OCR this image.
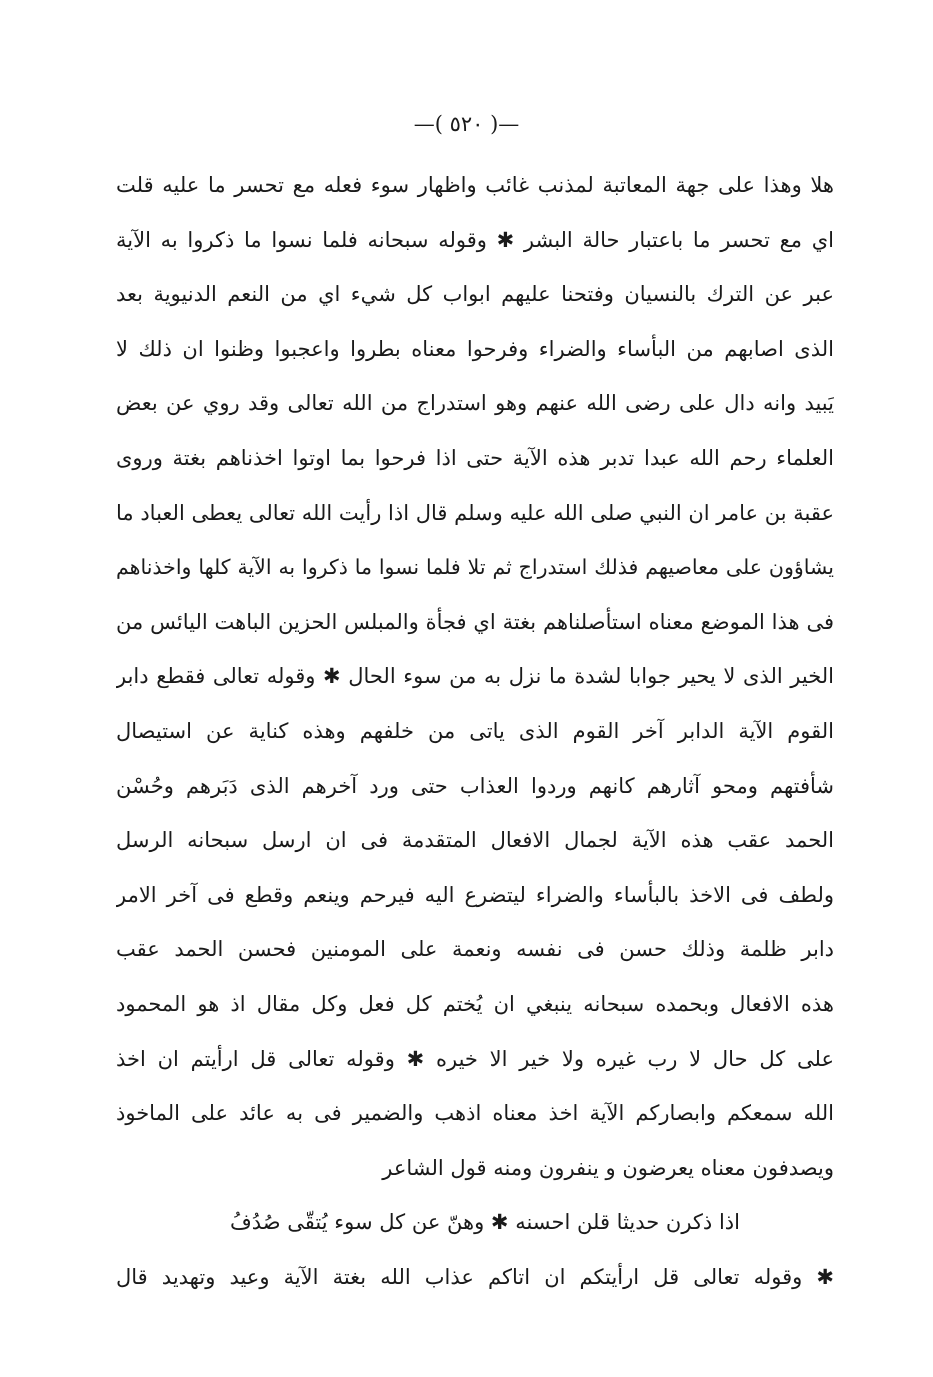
—( ٥٢٠ )—
هلا وهذا على جهة المعاتبة لمذنب غائب واظهار سوء فعله مع تحسر ما عليه قلت
اي مع تحسر ما باعتبار حالة البشر ✱ وقوله سبحانه فلما نسوا ما ذكروا به الآية
عبر عن الترك بالنسيان وفتحنا عليهم ابواب كل شيء اي من النعم الدنيوية بعد
الذى اصابهم من البأساء والضراء وفرحوا معناه بطروا واعجبوا وظنوا ان ذلك لا
يَبيد وانه دال على رضى الله عنهم وهو استدراج من الله تعالى وقد روي عن بعض
العلماء رحم الله عبدا تدبر هذه الآية حتى اذا فرحوا بما اوتوا اخذناهم بغتة وروى
عقبة بن عامر ان النبي صلى الله عليه وسلم قال اذا رأيت الله تعالى يعطى العباد ما
يشاؤون على معاصيهم فذلك استدراج ثم تلا فلما نسوا ما ذكروا به الآية كلها واخذناهم
فى هذا الموضع معناه استأصلناهم بغتة اي فجأة والمبلس الحزين الباهت اليائس من
الخير الذى لا يحير جوابا لشدة ما نزل به من سوء الحال ✱ وقوله تعالى فقطع دابر
القوم الآية الدابر آخر القوم الذى ياتى من خلفهم وهذه كناية عن استيصال
شأفتهم ومحو آثارهم كانهم وردوا العذاب حتى ورد آخرهم الذى دَبَرهم وحُسْن
الحمد عقب هذه الآية لجمال الافعال المتقدمة فى ان ارسل سبحانه الرسل
ولطف فى الاخذ بالبأساء والضراء ليتضرع اليه فيرحم وينعم وقطع فى آخر الامر
دابر ظلمة وذلك حسن فى نفسه ونعمة على المومنين فحسن الحمد عقب
هذه الافعال وبحمده سبحانه ينبغي ان يُختم كل فعل وكل مقال اذ هو المحمود
على كل حال لا رب غيره ولا خير الا خيره ✱ وقوله تعالى قل ارأيتم ان اخذ
الله سمعكم وابصاركم الآية اخذ معناه اذهب والضمير فى به عائد على الماخوذ
ويصدفون معناه يعرضون و ينفرون ومنه قول الشاعر
اذا ذكرن حديثا قلن احسنه ✱ وهنّ عن كل سوء يُتقّى صُدُفُ
✱ وقوله تعالى قل ارأيتكم ان اتاكم عذاب الله بغتة الآية وعيد وتهديد قال
